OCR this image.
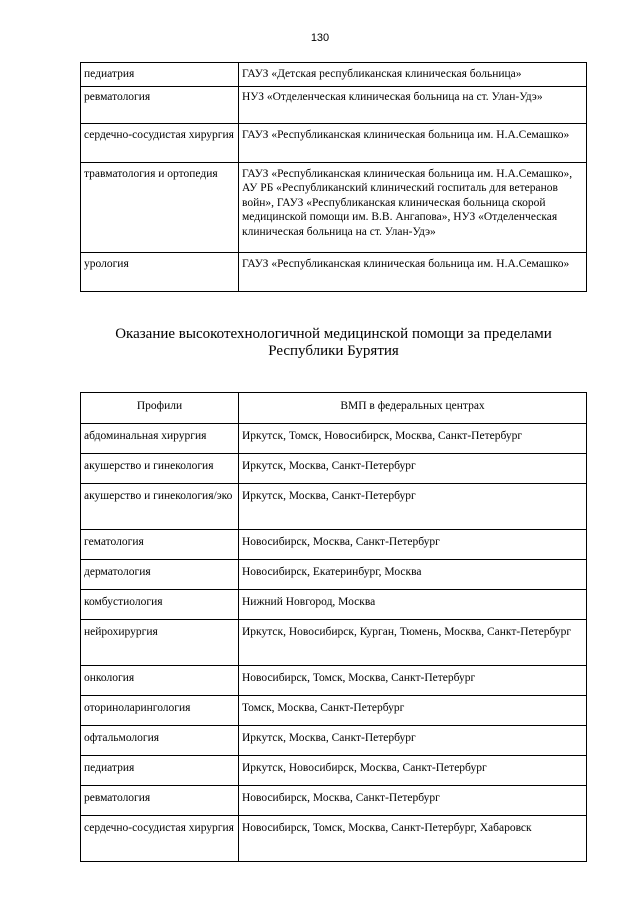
130
педиатрия	ГАУЗ «Детская республиканская клиническая больница»
ревматология	НУЗ «Отделенческая клиническая больница на ст. Улан-Удэ»
сердечно-сосудистая хирургия	ГАУЗ «Республиканская клиническая больница им. Н.А.Семашко»
травматология и ортопедия	ГАУЗ «Республиканская клиническая больница им. Н.А.Семашко», АУ РБ «Республиканский клинический госпиталь для ветеранов войн», ГАУЗ «Республиканская клиническая больница скорой медицинской помощи им. В.В. Ангапова», НУЗ «Отделенческая клиническая больница на ст. Улан-Удэ»
урология	ГАУЗ «Республиканская клиническая больница им. Н.А.Семашко»
Оказание высокотехнологичной медицинской помощи за пределами Республики Бурятия
Профили	ВМП в федеральных центрах
абдоминальная хирургия	Иркутск, Томск, Новосибирск, Москва, Санкт-Петербург
акушерство и гинекология	Иркутск, Москва, Санкт-Петербург
акушерство и гинекология/эко	Иркутск, Москва, Санкт-Петербург
гематология	Новосибирск, Москва, Санкт-Петербург
дерматология	Новосибирск, Екатеринбург, Москва
комбустиология	Нижний Новгород, Москва
нейрохирургия	Иркутск, Новосибирск, Курган, Тюмень, Москва, Санкт-Петербург
онкология	Новосибирск, Томск, Москва, Санкт-Петербург
оториноларингология	Томск, Москва, Санкт-Петербург
офтальмология	Иркутск, Москва, Санкт-Петербург
педиатрия	Иркутск, Новосибирск, Москва, Санкт-Петербург
ревматология	Новосибирск, Москва, Санкт-Петербург
сердечно-сосудистая хирургия	Новосибирск, Томск, Москва, Санкт-Петербург, Хабаровск
